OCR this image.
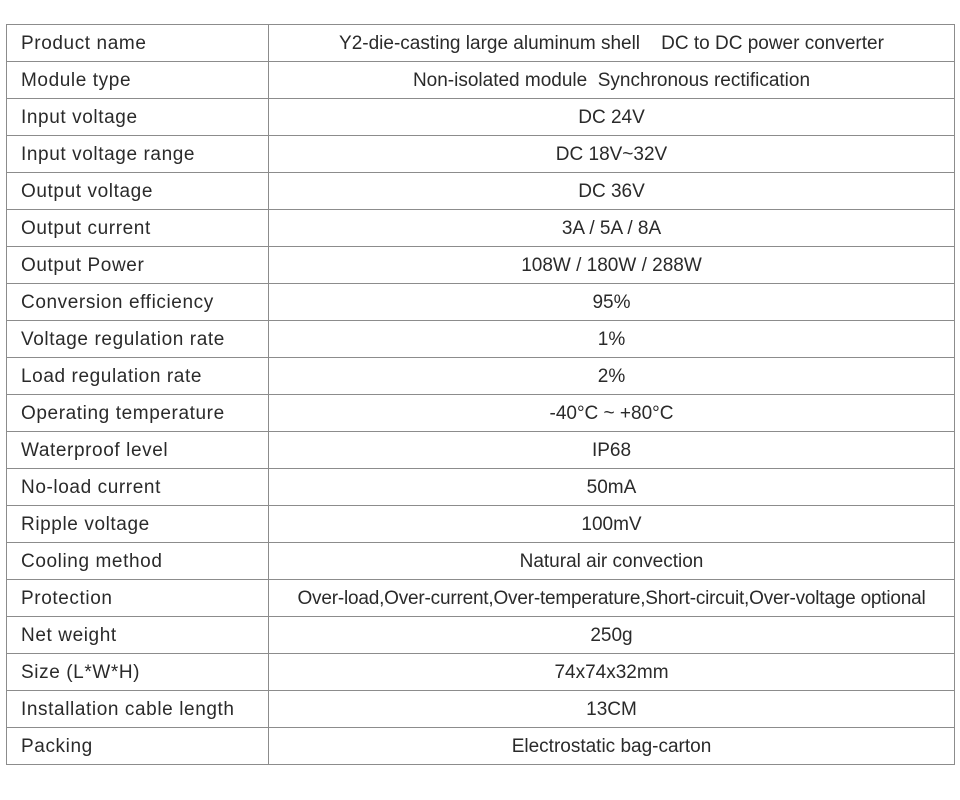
Product name	Y2-die-casting large aluminum shell    DC to DC power converter
Module type	Non-isolated module  Synchronous rectification
Input voltage	DC 24V
Input voltage range	DC 18V~32V
Output voltage	DC 36V
Output current	3A / 5A / 8A
Output Power	108W / 180W / 288W
Conversion efficiency	95%
Voltage regulation rate	1%
Load regulation rate	2%
Operating temperature	-40°C ~ +80°C
Waterproof level	IP68
No-load current	50mA
Ripple voltage	100mV
Cooling method	Natural air convection
Protection	Over-load,Over-current,Over-temperature,Short-circuit,Over-voltage optional
Net weight	250g
Size (L*W*H)	74x74x32mm
Installation cable length	13CM
Packing	Electrostatic bag-carton
